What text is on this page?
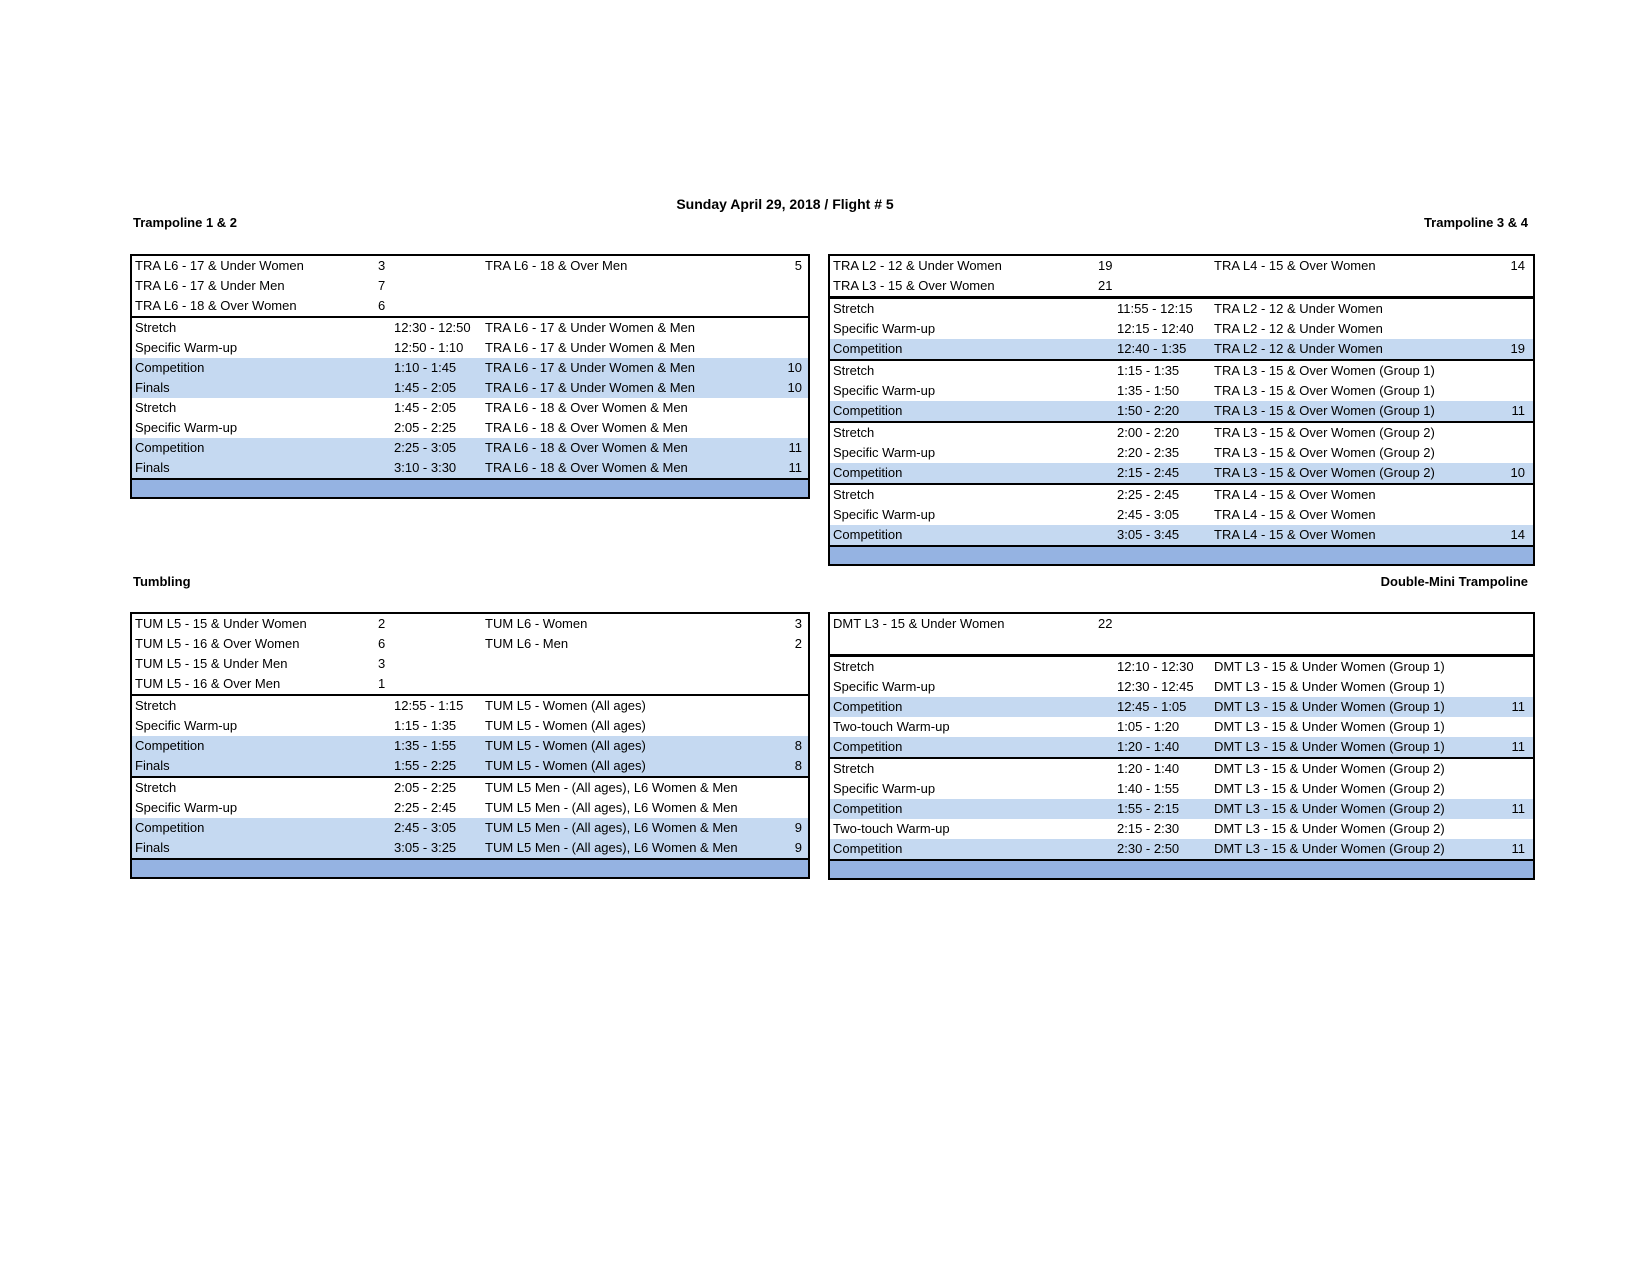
Sunday April 29, 2018 / Flight # 5
Trampoline 1 & 2	Trampoline 3 & 4
Tumbling	Double-Mini Trampoline
TRA L6 - 17 & Under Women	3	TRA L6 - 18 & Over Men	5
TRA L6 - 17 & Under Men	7
TRA L6 - 18 & Over Women	6
Stretch	12:30 - 12:50 TRA L6 - 17 & Under Women & Men
Specific Warm-up	12:50 - 1:10 TRA L6 - 17 & Under Women & Men
Competition	1:10 - 1:45 TRA L6 - 17 & Under Women & Men	10
Finals	1:45 - 2:05 TRA L6 - 17 & Under Women & Men	10
Stretch	1:45 - 2:05 TRA L6 - 18 & Over Women & Men
Specific Warm-up	2:05 - 2:25 TRA L6 - 18 & Over Women & Men
Competition	2:25 - 3:05 TRA L6 - 18 & Over Women & Men	11
Finals	3:10 - 3:30 TRA L6 - 18 & Over Women & Men	11
TRA L2 - 12 & Under Women	19	TRA L4 - 15 & Over Women	14
TRA L3 - 15 & Over Women	21
Stretch	11:55 - 12:15 TRA L2 - 12 & Under Women
Specific Warm-up	12:15 - 12:40 TRA L2 - 12 & Under Women
Competition	12:40 - 1:35 TRA L2 - 12 & Under Women	19
Stretch	1:15 - 1:35	TRA L3 - 15 & Over Women (Group 1)
Specific Warm-up	1:35 - 1:50	TRA L3 - 15 & Over Women (Group 1)
Competition	1:50 - 2:20	TRA L3 - 15 & Over Women (Group 1)	11
Stretch	2:00 - 2:20	TRA L3 - 15 & Over Women (Group 2)
Specific Warm-up	2:20 - 2:35	TRA L3 - 15 & Over Women (Group 2)
Competition	2:15 - 2:45	TRA L3 - 15 & Over Women (Group 2)	10
Stretch	2:25 - 2:45	TRA L4 - 15 & Over Women
Specific Warm-up	2:45 - 3:05	TRA L4 - 15 & Over Women
Competition	3:05 - 3:45	TRA L4 - 15 & Over Women	14
TUM L5 - 15 & Under Women	2	TUM L6 - Women	3
TUM L5 - 16 & Over Women	6	TUM L6 - Men	2
TUM L5 - 15 & Under Men	3
TUM L5 - 16 & Over Men	1
Stretch	12:55 - 1:15 TUM L5 - Women (All ages)
Specific Warm-up	1:15 - 1:35 TUM L5 - Women (All ages)
Competition	1:35 - 1:55 TUM L5 - Women (All ages)	8
Finals	1:55 - 2:25 TUM L5 - Women (All ages)	8
Stretch	2:05 - 2:25 TUM L5 Men - (All ages), L6 Women & Men
Specific Warm-up	2:25 - 2:45 TUM L5 Men - (All ages), L6 Women & Men
Competition	2:45 - 3:05 TUM L5 Men - (All ages), L6 Women & Men	9
Finals	3:05 - 3:25 TUM L5 Men - (All ages), L6 Women & Men	9
DMT L3 - 15 & Under Women	22
Stretch	12:10 - 12:30 DMT L3 - 15 & Under Women (Group 1)
Specific Warm-up	12:30 - 12:45 DMT L3 - 15 & Under Women (Group 1)
Competition	12:45 - 1:05 DMT L3 - 15 & Under Women (Group 1)	11
Two-touch Warm-up	1:05 - 1:20	DMT L3 - 15 & Under Women (Group 1)
Competition	1:20 - 1:40	DMT L3 - 15 & Under Women (Group 1)	11
Stretch	1:20 - 1:40	DMT L3 - 15 & Under Women (Group 2)
Specific Warm-up	1:40 - 1:55	DMT L3 - 15 & Under Women (Group 2)
Competition	1:55 - 2:15	DMT L3 - 15 & Under Women (Group 2)	11
Two-touch Warm-up	2:15 - 2:30	DMT L3 - 15 & Under Women (Group 2)
Competition	2:30 - 2:50	DMT L3 - 15 & Under Women (Group 2)	11
